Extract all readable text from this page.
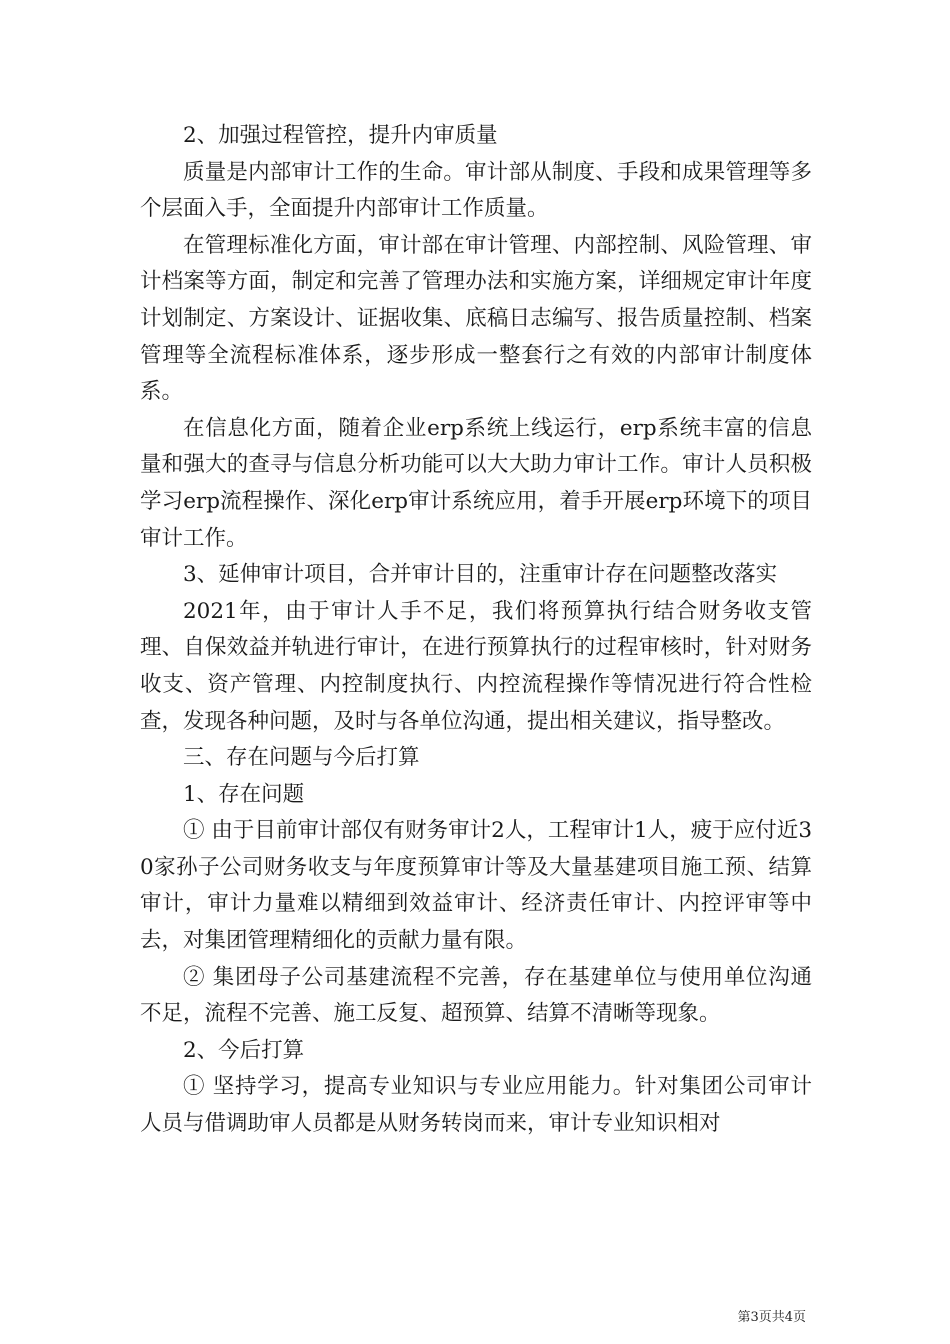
2、加强过程管控，提升内审质量

质量是内部审计工作的生命。审计部从制度、手段和成果管理等多个层面入手，全面提升内部审计工作质量。

在管理标准化方面，审计部在审计管理、内部控制、风险管理、审计档案等方面，制定和完善了管理办法和实施方案，详细规定审计年度计划制定、方案设计、证据收集、底稿日志编写、报告质量控制、档案管理等全流程标准体系，逐步形成一整套行之有效的内部审计制度体系。

在信息化方面，随着企业erp系统上线运行，erp系统丰富的信息量和强大的查寻与信息分析功能可以大大助力审计工作。审计人员积极学习erp流程操作、深化erp审计系统应用，着手开展erp环境下的项目审计工作。

3、延伸审计项目，合并审计目的，注重审计存在问题整改落实

2021年，由于审计人手不足，我们将预算执行结合财务收支管理、自保效益并轨进行审计，在进行预算执行的过程审核时，针对财务收支、资产管理、内控制度执行、内控流程操作等情况进行符合性检查，发现各种问题，及时与各单位沟通，提出相关建议，指导整改。

三、存在问题与今后打算

1、存在问题

① 由于目前审计部仅有财务审计2人，工程审计1人，疲于应付近30家孙子公司财务收支与年度预算审计等及大量基建项目施工预、结算审计，审计力量难以精细到效益审计、经济责任审计、内控评审等中去，对集团管理精细化的贡献力量有限。

② 集团母子公司基建流程不完善，存在基建单位与使用单位沟通不足，流程不完善、施工反复、超预算、结算不清晰等现象。

2、今后打算

① 坚持学习，提高专业知识与专业应用能力。针对集团公司审计人员与借调助审人员都是从财务转岗而来，审计专业知识相对

第3页共4页
